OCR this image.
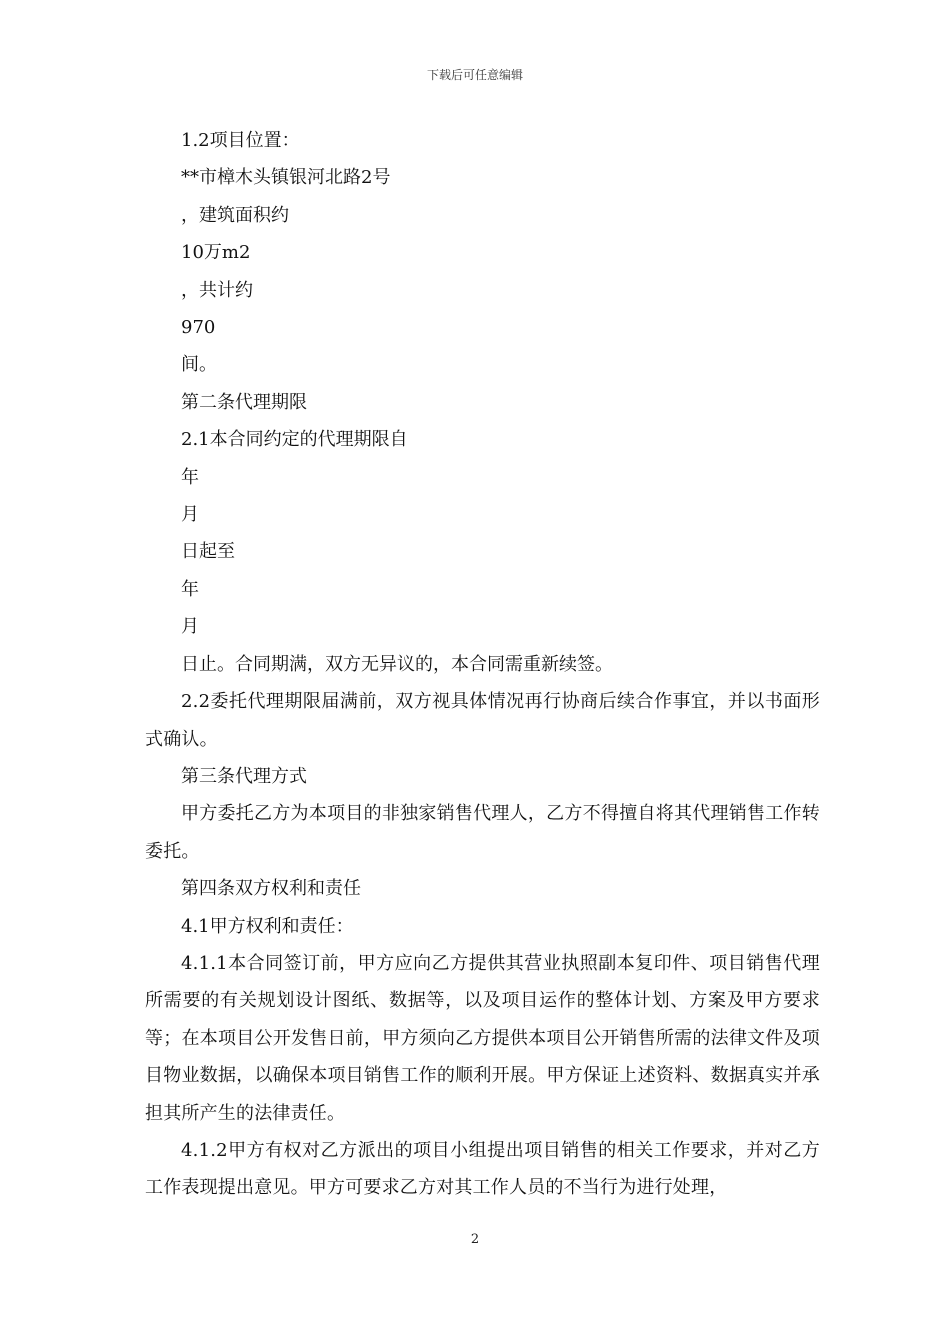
下载后可任意编辑

1.2项目位置：

**市樟木头镇银河北路2号

，建筑面积约

10万m2

，共计约

970

间。

第二条代理期限

2.1本合同约定的代理期限自

年

月

日起至

年

月

日止。合同期满，双方无异议的，本合同需重新续签。

2.2委托代理期限届满前，双方视具体情况再行协商后续合作事宜，并以书面形式确认。

第三条代理方式

甲方委托乙方为本项目的非独家销售代理人，乙方不得擅自将其代理销售工作转委托。

第四条双方权利和责任

4.1甲方权利和责任：

4.1.1本合同签订前，甲方应向乙方提供其营业执照副本复印件、项目销售代理所需要的有关规划设计图纸、数据等，以及项目运作的整体计划、方案及甲方要求等；在本项目公开发售日前，甲方须向乙方提供本项目公开销售所需的法律文件及项目物业数据，以确保本项目销售工作的顺利开展。甲方保证上述资料、数据真实并承担其所产生的法律责任。

4.1.2甲方有权对乙方派出的项目小组提出项目销售的相关工作要求，并对乙方工作表现提出意见。甲方可要求乙方对其工作人员的不当行为进行处理，

2
